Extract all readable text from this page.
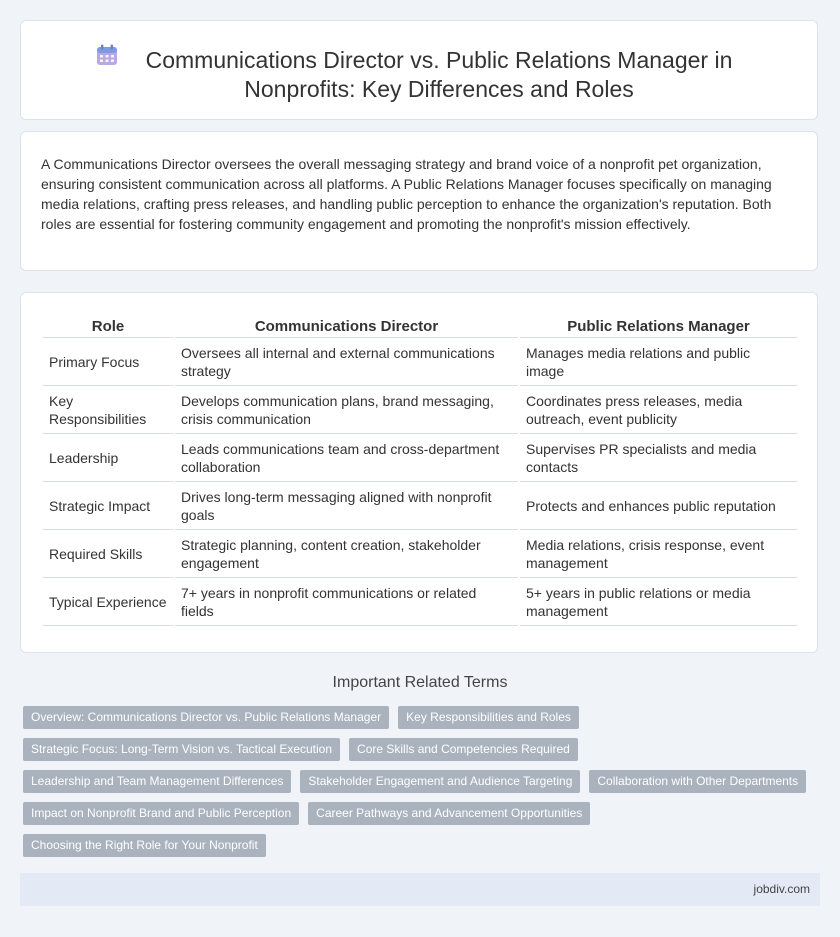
Communications Director vs. Public Relations Manager in Nonprofits: Key Differences and Roles

A Communications Director oversees the overall messaging strategy and brand voice of a nonprofit pet organization, ensuring consistent communication across all platforms. A Public Relations Manager focuses specifically on managing media relations, crafting press releases, and handling public perception to enhance the organization's reputation. Both roles are essential for fostering community engagement and promoting the nonprofit's mission effectively.

Role	Communications Director	Public Relations Manager
Primary Focus	Oversees all internal and external communications strategy	Manages media relations and public image
Key Responsibilities	Develops communication plans, brand messaging, crisis communication	Coordinates press releases, media outreach, event publicity
Leadership	Leads communications team and cross-department collaboration	Supervises PR specialists and media contacts
Strategic Impact	Drives long-term messaging aligned with nonprofit goals	Protects and enhances public reputation
Required Skills	Strategic planning, content creation, stakeholder engagement	Media relations, crisis response, event management
Typical Experience	7+ years in nonprofit communications or related fields	5+ years in public relations or media management
Important Related Terms
Overview: Communications Director vs. Public Relations Manager	Key Responsibilities and Roles
Strategic Focus: Long-Term Vision vs. Tactical Execution	Core Skills and Competencies Required
Leadership and Team Management Differences	Stakeholder Engagement and Audience Targeting	Collaboration with Other Departments
Impact on Nonprofit Brand and Public Perception	Career Pathways and Advancement Opportunities
Choosing the Right Role for Your Nonprofit
jobdiv.com
